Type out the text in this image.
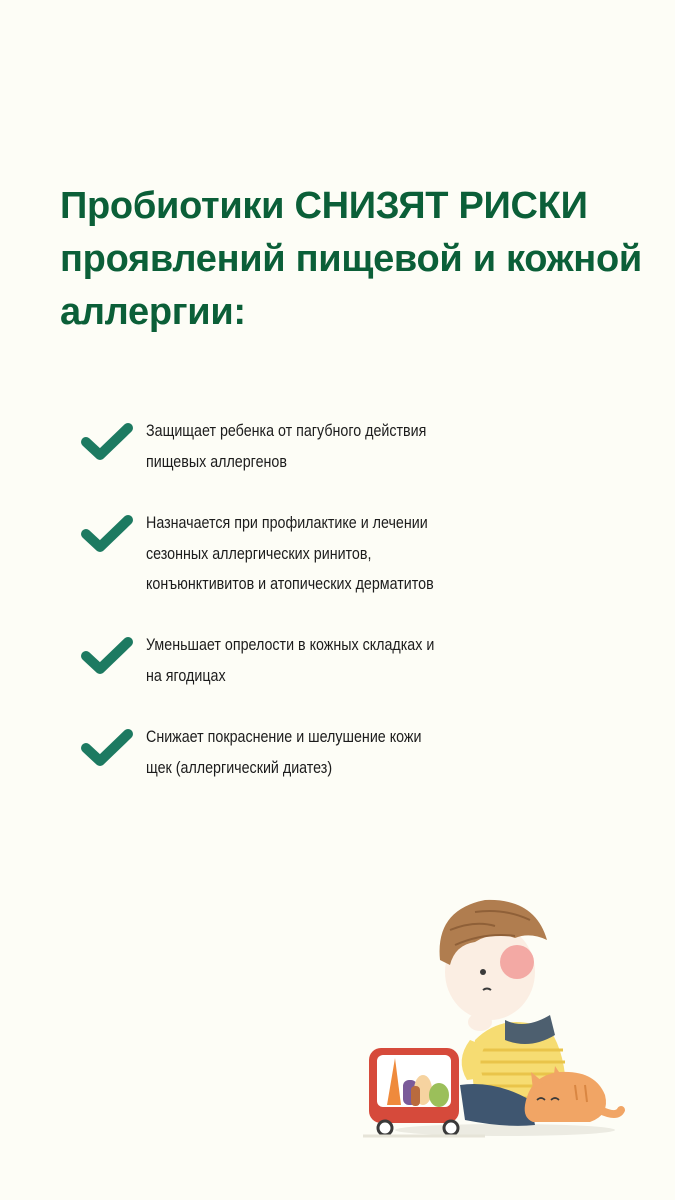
Пробиотики СНИЗЯТ РИСКИ проявлений пищевой и кожной аллергии:
Защищает ребенка от пагубного действия
пищевых аллергенов
Назначается при профилактике и лечении
сезонных аллергических ринитов,
конъюнктивитов и атопических дерматитов
Уменьшает опрелости в кожных складках и
на ягодицах
Снижает покраснение и шелушение кожи
щек (аллергический диатез)
